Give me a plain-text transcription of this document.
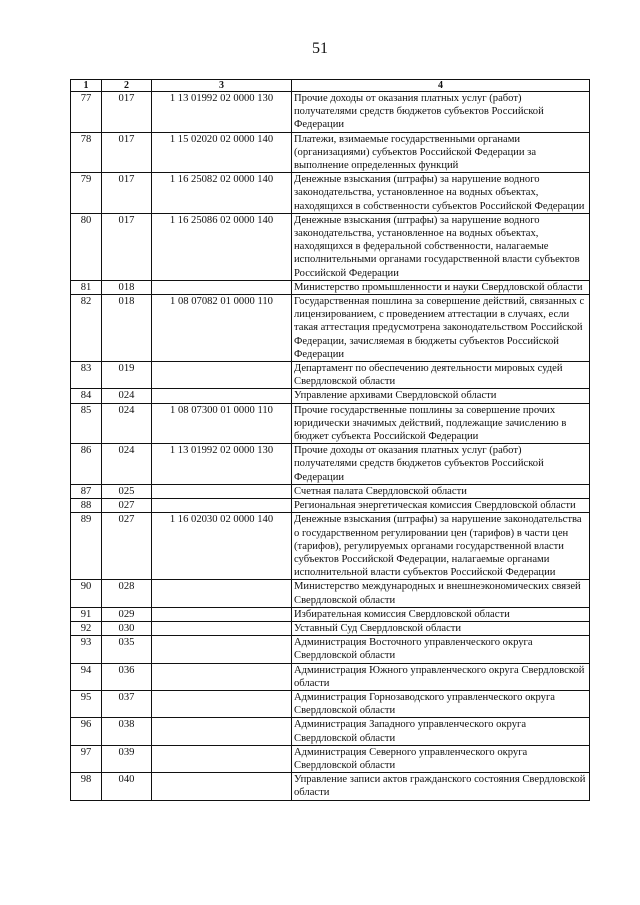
51
1	2	3	4
77	017	1 13 01992 02 0000 130	Прочие доходы от оказания платных услуг (работ) получателями средств бюджетов субъектов Российской Федерации
78	017	1 15 02020 02 0000 140	Платежи, взимаемые государственными органами (организациями) субъектов Российской Федерации за выполнение определенных функций
79	017	1 16 25082 02 0000 140	Денежные взыскания (штрафы) за нарушение водного законодательства, установленное на водных объектах, находящихся в собственности субъектов Российской Федерации
80	017	1 16 25086 02 0000 140	Денежные взыскания (штрафы) за нарушение водного законодательства, установленное на водных объектах, находящихся в федеральной собственности, налагаемые исполнительными органами государственной власти субъектов Российской Федерации
81	018		Министерство промышленности и науки Свердловской области
82	018	1 08 07082 01 0000 110	Государственная пошлина за совершение действий, связанных с лицензированием, с проведением аттестации в случаях, если такая аттестация предусмотрена законодательством Российской Федерации, зачисляемая в бюджеты субъектов Российской Федерации
83	019		Департамент по обеспечению деятельности мировых судей Свердловской области
84	024		Управление архивами Свердловской области
85	024	1 08 07300 01 0000 110	Прочие государственные пошлины за совершение прочих юридически значимых действий, подлежащие зачислению в бюджет субъекта Российской Федерации
86	024	1 13 01992 02 0000 130	Прочие доходы от оказания платных услуг (работ) получателями средств бюджетов субъектов Российской Федерации
87	025		Счетная палата Свердловской области
88	027		Региональная энергетическая комиссия Свердловской области
89	027	1 16 02030 02 0000 140	Денежные взыскания (штрафы) за нарушение законодательства о государственном регулировании цен (тарифов) в части цен (тарифов), регулируемых органами государственной власти субъектов Российской Федерации, налагаемые органами исполнительной власти субъектов Российской Федерации
90	028		Министерство международных и внешнеэкономических связей Свердловской области
91	029		Избирательная комиссия Свердловской области
92	030		Уставный Суд Свердловской области
93	035		Администрация Восточного управленческого округа Свердловской области
94	036		Администрация Южного управленческого округа Свердловской области
95	037		Администрация Горнозаводского управленческого округа Свердловской области
96	038		Администрация Западного управленческого округа Свердловской области
97	039		Администрация Северного управленческого округа Свердловской области
98	040		Управление записи актов гражданского состояния Свердловской области
